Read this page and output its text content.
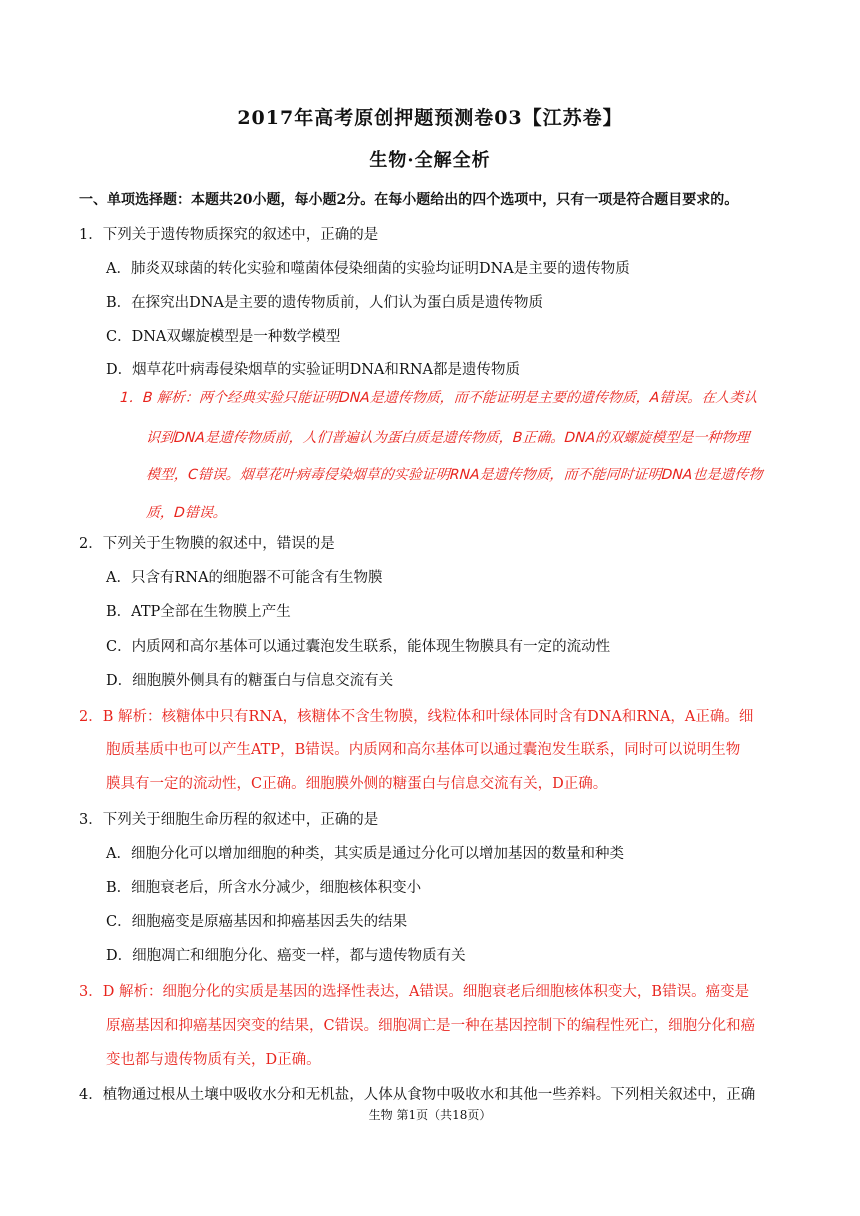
2017年高考原创押题预测卷03【江苏卷】
生物·全解全析
一、单项选择题：本题共20小题，每小题2分。在每小题给出的四个选项中，只有一项是符合题目要求的。
1．下列关于遗传物质探究的叙述中，正确的是
A．肺炎双球菌的转化实验和噬菌体侵染细菌的实验均证明DNA是主要的遗传物质
B．在探究出DNA是主要的遗传物质前，人们认为蛋白质是遗传物质
C．DNA双螺旋模型是一种数学模型
D．烟草花叶病毒侵染烟草的实验证明DNA和RNA都是遗传物质
1．B 解析：两个经典实验只能证明DNA是遗传物质，而不能证明是主要的遗传物质，A错误。在人类认
识到DNA是遗传物质前，人们普遍认为蛋白质是遗传物质，B正确。DNA的双螺旋模型是一种物理
模型，C错误。烟草花叶病毒侵染烟草的实验证明RNA是遗传物质，而不能同时证明DNA也是遗传物
质，D错误。
2．下列关于生物膜的叙述中，错误的是
A．只含有RNA的细胞器不可能含有生物膜
B．ATP全部在生物膜上产生
C．内质网和高尔基体可以通过囊泡发生联系，能体现生物膜具有一定的流动性
D．细胞膜外侧具有的糖蛋白与信息交流有关
2．B 解析：核糖体中只有RNA，核糖体不含生物膜，线粒体和叶绿体同时含有DNA和RNA，A正确。细
胞质基质中也可以产生ATP，B错误。内质网和高尔基体可以通过囊泡发生联系，同时可以说明生物
膜具有一定的流动性，C正确。细胞膜外侧的糖蛋白与信息交流有关，D正确。
3．下列关于细胞生命历程的叙述中，正确的是
A．细胞分化可以增加细胞的种类，其实质是通过分化可以增加基因的数量和种类
B．细胞衰老后，所含水分减少，细胞核体积变小
C．细胞癌变是原癌基因和抑癌基因丢失的结果
D．细胞凋亡和细胞分化、癌变一样，都与遗传物质有关
3．D 解析：细胞分化的实质是基因的选择性表达，A错误。细胞衰老后细胞核体积变大，B错误。癌变是
原癌基因和抑癌基因突变的结果，C错误。细胞凋亡是一种在基因控制下的编程性死亡，细胞分化和癌
变也都与遗传物质有关，D正确。
4．植物通过根从土壤中吸收水分和无机盐，人体从食物中吸收水和其他一些养料。下列相关叙述中，正确
生物 第1页（共18页）
